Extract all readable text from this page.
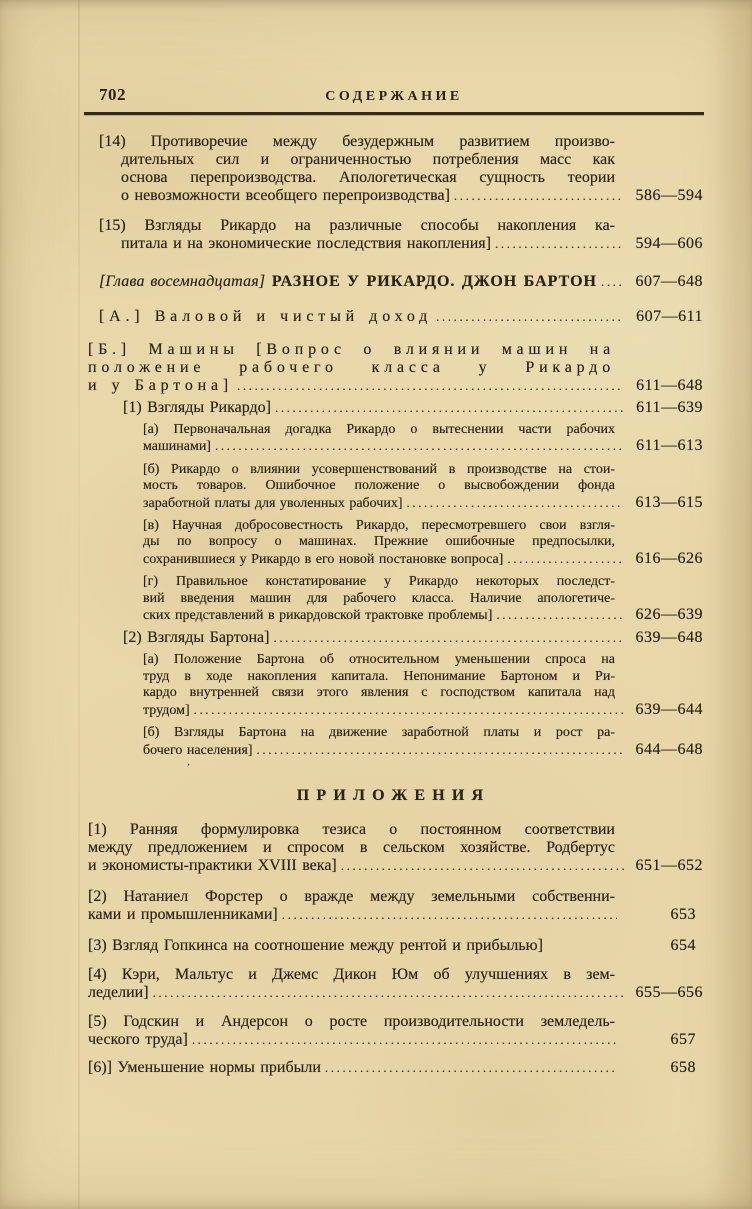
’
702	СОДЕРЖАНИЕ
[14) Противоречие между безудержным развитием произво-
дительных сил и ограниченностью потребления масс как
основа перепроизводства. Апологетическая сущность теории
о невозможности всеобщего перепроизводства] .....	586—594
[15) Взгляды Рикардо на различные способы накопления ка-
питала и на экономические последствия накопления] .....	594—606
[Глава восемнадцатая] РАЗНОЕ У РИКАРДО. ДЖОН БАРТОН .....	607—648
[А.] Валовой и чистый доход .....	607—611
[Б.] Машины [Вопрос о влиянии машин на
положение рабочего класса у Рикардо
и у Бартона] .....	611—648
[1) Взгляды Рикардо] .....	611—639
[а) Первоначальная догадка Рикардо о вытеснении части рабочих
машинами] .....	611—613
[б) Рикардо о влиянии усовершенствований в производстве на стои-
мость товаров. Ошибочное положение о высвобождении фонда
заработной платы для уволенных рабочих] .....	613—615
[в) Научная добросовестность Рикардо, пересмотревшего свои взгля-
ды по вопросу о машинах. Прежние ошибочные предпосылки,
сохранившиеся у Рикардо в его новой постановке вопроса] .....	616—626
[г) Правильное констатирование у Рикардо некоторых последст-
вий введения машин для рабочего класса. Наличие апологетиче-
ских представлений в рикардовской трактовке проблемы] .....	626—639
[2) Взгляды Бартона] .....	639—648
[а) Положение Бартона об относительном уменьшении спроса на
труд в ходе накопления капитала. Непонимание Бартоном и Ри-
кардо внутренней связи этого явления с господством капитала над
трудом] .....	639—644
[б) Взгляды Бартона на движение заработной платы и рост ра-
бочего населения] .....	644—648
ПРИЛОЖЕНИЯ
[1) Ранняя формулировка тезиса о постоянном соответствии
между предложением и спросом в сельском хозяйстве. Родбертус
и экономисты-практики XVIII века] .....	651—652
[2) Натаниел Форстер о вражде между земельными собственни-
ками и промышленниками] .....	653
[3) Взгляд Гопкинса на соотношение между рентой и прибылью]	654
[4) Кэри, Мальтус и Джемс Дикон Юм об улучшениях в зем-
леделии] .....	655—656
[5) Годскин и Андерсон о росте производительности земледель-
ческого труда] .....	657
[6)] Уменьшение нормы прибыли .....	658
